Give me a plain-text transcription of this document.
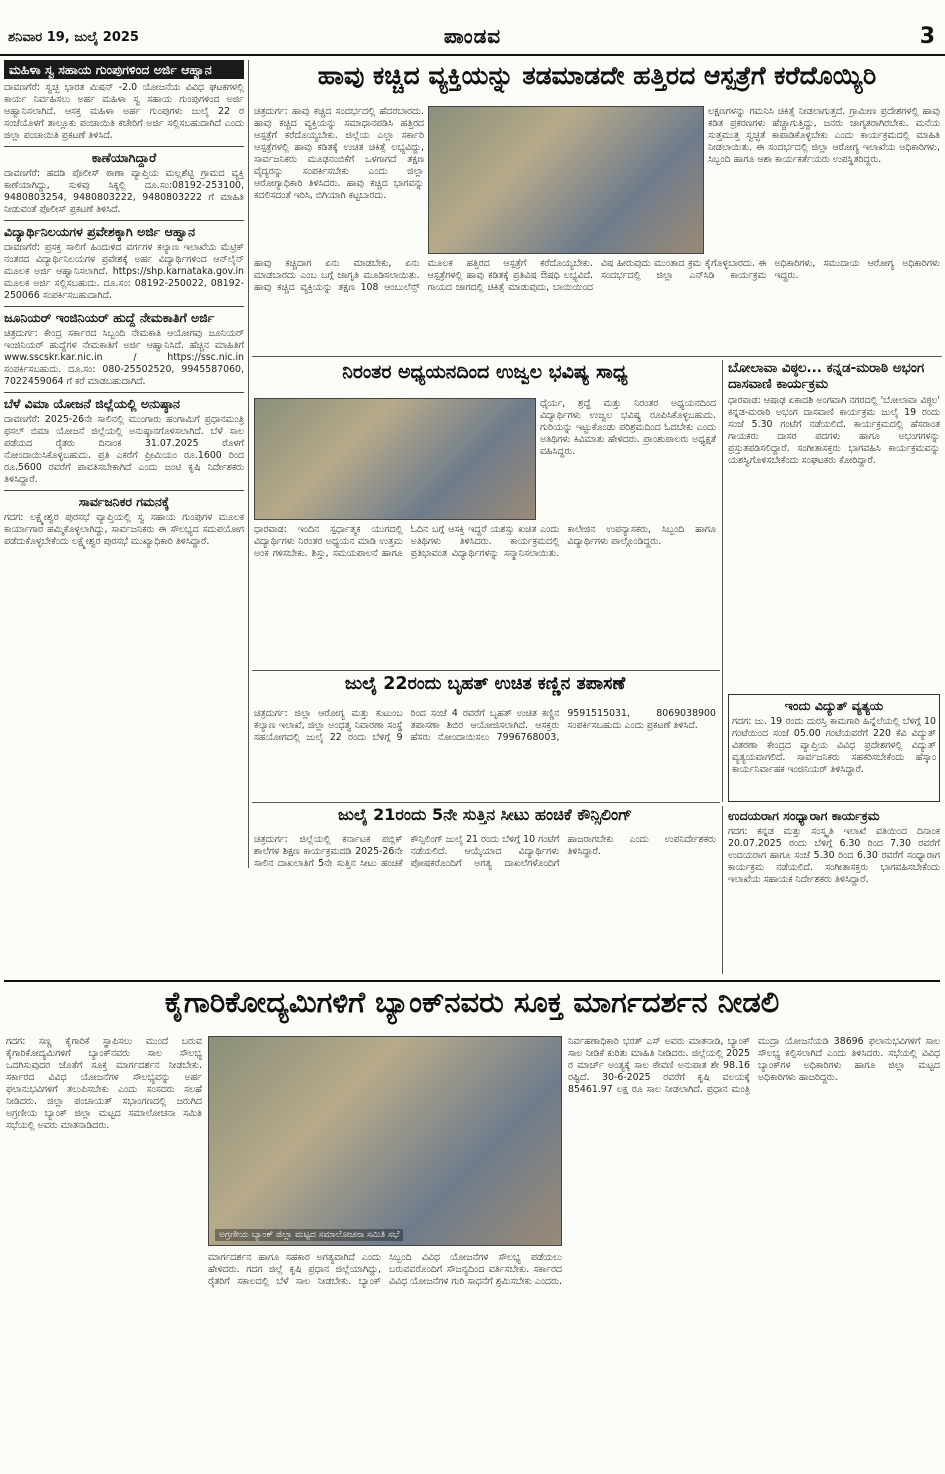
ಶನಿವಾರ 19, ಜುಲೈ 2025	ಪಾಂಡವ	3
ಮಹಿಳಾ ಸ್ವ ಸಹಾಯ ಗುಂಪುಗಳಿಂದ ಅರ್ಜಿ ಆಹ್ವಾನ
ದಾವಣಗೆರೆ: ಸ್ವಚ್ಛ ಭಾರತ ಮಿಷನ್ -2.0 ಯೋಜನೆಯ ವಿವಿಧ ಘಟಕಗಳಲ್ಲಿ ಕಾರ್ಯ ನಿರ್ವಹಿಸಲು ಅರ್ಹ ಮಹಿಳಾ ಸ್ವ ಸಹಾಯ ಗುಂಪುಗಳಿಂದ ಅರ್ಜಿ ಆಹ್ವಾನಿಸಲಾಗಿದೆ. ಆಸಕ್ತ ಮಹಿಳಾ ಅರ್ಹ ಗುಂಪುಗಳು ಜುಲೈ 22 ರ ಸಂಜೆಯೊಳಗೆ ತಾಲ್ಲೂಕು ಪಂಚಾಯಿತಿ ಕಚೇರಿಗೆ ಅರ್ಜಿ ಸಲ್ಲಿಸಬಹುದಾಗಿದೆ ಎಂದು ಜಿಲ್ಲಾ ಪಂಚಾಯಿತಿ ಪ್ರಕಟಣೆ ತಿಳಿಸಿದೆ.
ಕಾಣೆಯಾಗಿದ್ದಾರೆ
ದಾವಣಗೆರೆ: ಹದಡಿ ಪೊಲೀಸ್ ಠಾಣಾ ವ್ಯಾಪ್ತಿಯ ಮಲ್ಲಶೆಟ್ಟಿ ಗ್ರಾಮದ ವ್ಯಕ್ತಿ ಕಾಣೆಯಾಗಿದ್ದು, ಸುಳಿವು ಸಿಕ್ಕಲ್ಲಿ ದೂ.ಸಂ:08192-253100, 9480803254, 9480803222, 9480803222 ಗೆ ಮಾಹಿತಿ ನೀಡುವಂತೆ ಪೊಲೀಸ್ ಪ್ರಕಟಣೆ ತಿಳಿಸಿದೆ.
ವಿದ್ಯಾರ್ಥಿನಿಲಯಗಳ ಪ್ರವೇಶಕ್ಕಾಗಿ ಅರ್ಜಿ ಆಹ್ವಾನ
ದಾವಣಗೆರೆ: ಪ್ರಸಕ್ತ ಸಾಲಿಗೆ ಹಿಂದುಳಿದ ವರ್ಗಗಳ ಕಲ್ಯಾಣ ಇಲಾಖೆಯ ಮೆಟ್ರಿಕ್ ನಂತರದ ವಿದ್ಯಾರ್ಥಿನಿಲಯಗಳ ಪ್ರವೇಶಕ್ಕೆ ಅರ್ಹ ವಿದ್ಯಾರ್ಥಿಗಳಿಂದ ಆನ್‌ಲೈನ್ ಮೂಲಕ ಅರ್ಜಿ ಆಹ್ವಾನಿಸಲಾಗಿದೆ. https://shp.karnataka.gov.in ಮೂಲಕ ಅರ್ಜಿ ಸಲ್ಲಿಸಬಹುದು. ದೂ.ಸಂ: 08192-250022, 08192-250066 ಸಂಪರ್ಕಿಸಬಹುದಾಗಿದೆ.
ಜೂನಿಯರ್ ಇಂಜಿನಿಯರ್ ಹುದ್ದೆ ನೇಮಕಾತಿಗೆ ಅರ್ಜಿ
ಚಿತ್ರದುರ್ಗ: ಕೇಂದ್ರ ಸರ್ಕಾರದ ಸಿಬ್ಬಂದಿ ನೇಮಕಾತಿ ಆಯೋಗವು ಜೂನಿಯರ್ ಇಂಜಿನಿಯರ್ ಹುದ್ದೆಗಳ ನೇಮಕಾತಿಗೆ ಅರ್ಜಿ ಆಹ್ವಾನಿಸಿದೆ. ಹೆಚ್ಚಿನ ಮಾಹಿತಿಗೆ www.sscskr.kar.nic.in / https://ssc.nic.in ಸಂಪರ್ಕಿಸಬಹುದು. ದೂ.ಸಂ: 080-25502520, 9945587060, 7022459064 ಗೆ ಕರೆ ಮಾಡಬಹುದಾಗಿದೆ.
ಬೆಳೆ ವಿಮಾ ಯೋಜನೆ ಜಿಲ್ಲೆಯಲ್ಲಿ ಅನುಷ್ಠಾನ
ದಾವಣಗೆರೆ: 2025-26ನೇ ಸಾಲಿನಲ್ಲಿ ಮುಂಗಾರು ಹಂಗಾಮಿಗೆ ಪ್ರಧಾನಮಂತ್ರಿ ಫಸಲ್ ಬಿಮಾ ಯೋಜನೆ ಜಿಲ್ಲೆಯಲ್ಲಿ ಅನುಷ್ಠಾನಗೊಳಿಸಲಾಗಿದೆ. ಬೆಳೆ ಸಾಲ ಪಡೆಯದ ರೈತರು ದಿನಾಂಕ 31.07.2025 ರೊಳಗೆ ನೋಂದಾಯಿಸಿಕೊಳ್ಳಬಹುದು. ಪ್ರತಿ ಎಕರೆಗೆ ಪ್ರೀಮಿಯಂ ರೂ.1600 ರಿಂದ ರೂ.5600 ರವರೆಗೆ ಪಾವತಿಸಬೇಕಾಗಿದೆ ಎಂದು ಜಂಟಿ ಕೃಷಿ ನಿರ್ದೇಶಕರು ತಿಳಿಸಿದ್ದಾರೆ.
ಸಾರ್ವಜನಿಕರ ಗಮನಕ್ಕೆ
ಗದಗ: ಲಕ್ಷ್ಮೇಶ್ವರ ಪುರಸಭೆ ವ್ಯಾಪ್ತಿಯಲ್ಲಿ ಸ್ವ ಸಹಾಯ ಗುಂಪುಗಳ ಮೂಲಕ ಕಾರ್ಯಾಗಾರ ಹಮ್ಮಿಕೊಳ್ಳಲಾಗಿದ್ದು, ಸಾರ್ವಜನಿಕರು ಈ ಸೌಲಭ್ಯದ ಸದುಪಯೋಗ ಪಡೆದುಕೊಳ್ಳಬೇಕೆಂದು ಲಕ್ಷ್ಮೇಶ್ವರ ಪುರಸಭೆ ಮುಖ್ಯಾಧಿಕಾರಿ ತಿಳಿಸಿದ್ದಾರೆ.
ಹಾವು ಕಚ್ಚಿದ ವ್ಯಕ್ತಿಯನ್ನು ತಡಮಾಡದೇ ಹತ್ತಿರದ ಆಸ್ಪತ್ರೆಗೆ ಕರೆದೊಯ್ಯಿರಿ
ಚಿತ್ರದುರ್ಗ: ಹಾವು ಕಚ್ಚಿದ ಸಂದರ್ಭದಲ್ಲಿ ಹೆದರಬಾರದು. ಹಾವು ಕಚ್ಚಿದ ವ್ಯಕ್ತಿಯನ್ನು ಸಮಾಧಾನಪಡಿಸಿ ಹತ್ತಿರದ ಆಸ್ಪತ್ರೆಗೆ ಕರೆದೊಯ್ಯಬೇಕು. ಜಿಲ್ಲೆಯ ಎಲ್ಲಾ ಸರ್ಕಾರಿ ಆಸ್ಪತ್ರೆಗಳಲ್ಲಿ ಹಾವು ಕಡಿತಕ್ಕೆ ಉಚಿತ ಚಿಕಿತ್ಸೆ ಲಭ್ಯವಿದ್ದು, ಸಾರ್ವಜನಿಕರು ಮೂಢನಂಬಿಕೆಗೆ ಒಳಗಾಗದೆ ತಕ್ಷಣ ವೈದ್ಯರನ್ನು ಸಂಪರ್ಕಿಸಬೇಕು ಎಂದು ಜಿಲ್ಲಾ ಆರೋಗ್ಯಾಧಿಕಾರಿ ತಿಳಿಸಿದರು. ಹಾವು ಕಚ್ಚಿದ ಭಾಗವನ್ನು ಕದಲಿಸದಂತೆ ಇರಿಸಿ, ಬಿಗಿಯಾಗಿ ಕಟ್ಟಬಾರದು.
ಲಕ್ಷಣಗಳನ್ನು ಗಮನಿಸಿ ಚಿಕಿತ್ಸೆ ನೀಡಲಾಗುತ್ತದೆ. ಗ್ರಾಮೀಣ ಪ್ರದೇಶಗಳಲ್ಲಿ ಹಾವು ಕಡಿತ ಪ್ರಕರಣಗಳು ಹೆಚ್ಚಾಗುತ್ತಿದ್ದು, ಜನರು ಜಾಗೃತರಾಗಿರಬೇಕು. ಮನೆಯ ಸುತ್ತಮುತ್ತ ಸ್ವಚ್ಛತೆ ಕಾಪಾಡಿಕೊಳ್ಳಬೇಕು ಎಂದು ಕಾರ್ಯಕ್ರಮದಲ್ಲಿ ಮಾಹಿತಿ ನೀಡಲಾಯಿತು. ಈ ಸಂದರ್ಭದಲ್ಲಿ ಜಿಲ್ಲಾ ಆರೋಗ್ಯ ಇಲಾಖೆಯ ಅಧಿಕಾರಿಗಳು, ಸಿಬ್ಬಂದಿ ಹಾಗೂ ಆಶಾ ಕಾರ್ಯಕರ್ತೆಯರು ಉಪಸ್ಥಿತರಿದ್ದರು.
ಹಾವು ಕಚ್ಚಿದಾಗ ಏನು ಮಾಡಬೇಕು, ಏನು ಮಾಡಬಾರದು ಎಂಬ ಬಗ್ಗೆ ಜಾಗೃತಿ ಮೂಡಿಸಲಾಯಿತು. ಹಾವು ಕಚ್ಚಿದ ವ್ಯಕ್ತಿಯನ್ನು ತಕ್ಷಣ 108 ಆಂಬುಲೆನ್ಸ್ ಮೂಲಕ ಹತ್ತಿರದ ಆಸ್ಪತ್ರೆಗೆ ಕರೆದೊಯ್ಯಬೇಕು. ಆಸ್ಪತ್ರೆಗಳಲ್ಲಿ ಹಾವು ಕಡಿತಕ್ಕೆ ಪ್ರತಿವಿಷ ಔಷಧಿ ಲಭ್ಯವಿದೆ. ಗಾಯದ ಜಾಗದಲ್ಲಿ ಚಿಕಿತ್ಸೆ ಮಾಡುವುದು, ಬಾಯಿಯಿಂದ ವಿಷ ಹೀರುವುದು ಮುಂತಾದ ಕ್ರಮ ಕೈಗೊಳ್ಳಬಾರದು. ಈ ಸಂದರ್ಭದಲ್ಲಿ ಜಿಲ್ಲಾ ಎನ್‌ಸಿಡಿ ಕಾರ್ಯಕ್ರಮ ಅಧಿಕಾರಿಗಳು, ಸಮುದಾಯ ಆರೋಗ್ಯ ಅಧಿಕಾರಿಗಳು ಇದ್ದರು.
ನಿರಂತರ ಅಧ್ಯಯನದಿಂದ ಉಜ್ವಲ ಭವಿಷ್ಯ ಸಾಧ್ಯ
ಧೈರ್ಯ, ಶ್ರದ್ಧೆ ಮತ್ತು ನಿರಂತರ ಅಧ್ಯಯನದಿಂದ ವಿದ್ಯಾರ್ಥಿಗಳು ಉಜ್ವಲ ಭವಿಷ್ಯ ರೂಪಿಸಿಕೊಳ್ಳಬಹುದು. ಗುರಿಯನ್ನು ಇಟ್ಟುಕೊಂಡು ಪರಿಶ್ರಮದಿಂದ ಓದಬೇಕು ಎಂದು ಅತಿಥಿಗಳು ಕಿವಿಮಾತು ಹೇಳಿದರು. ಪ್ರಾಂಶುಪಾಲರು ಅಧ್ಯಕ್ಷತೆ ವಹಿಸಿದ್ದರು.
ಧಾರವಾಡ: ಇಂದಿನ ಸ್ಪರ್ಧಾತ್ಮಕ ಯುಗದಲ್ಲಿ ವಿದ್ಯಾರ್ಥಿಗಳು ನಿರಂತರ ಅಧ್ಯಯನ ಮಾಡಿ ಉತ್ತಮ ಅಂಕ ಗಳಿಸಬೇಕು. ಶಿಸ್ತು, ಸಮಯಪಾಲನೆ ಹಾಗೂ ಓದಿನ ಬಗ್ಗೆ ಆಸಕ್ತಿ ಇದ್ದರೆ ಯಶಸ್ಸು ಖಚಿತ ಎಂದು ಅತಿಥಿಗಳು ತಿಳಿಸಿದರು. ಕಾರ್ಯಕ್ರಮದಲ್ಲಿ ಪ್ರತಿಭಾವಂತ ವಿದ್ಯಾರ್ಥಿಗಳನ್ನು ಸನ್ಮಾನಿಸಲಾಯಿತು. ಕಾಲೇಜಿನ ಉಪನ್ಯಾಸಕರು, ಸಿಬ್ಬಂದಿ ಹಾಗೂ ವಿದ್ಯಾರ್ಥಿಗಳು ಪಾಲ್ಗೊಂಡಿದ್ದರು.
ಬೋಲಾವಾ ವಿಠ್ಠಲ... ಕನ್ನಡ-ಮರಾಠಿ ಅಭಂಗ ದಾಸವಾಣಿ ಕಾರ್ಯಕ್ರಮ
ಧಾರವಾಡ: ಆಷಾಢ ಏಕಾದಶಿ ಅಂಗವಾಗಿ ನಗರದಲ್ಲಿ 'ಬೋಲಾವಾ ವಿಠ್ಠಲ' ಕನ್ನಡ-ಮರಾಠಿ ಅಭಂಗ ದಾಸವಾಣಿ ಕಾರ್ಯಕ್ರಮ ಜುಲೈ 19 ರಂದು ಸಂಜೆ 5.30 ಗಂಟೆಗೆ ನಡೆಯಲಿದೆ. ಕಾರ್ಯಕ್ರಮದಲ್ಲಿ ಹೆಸರಾಂತ ಗಾಯಕರು ದಾಸರ ಪದಗಳು ಹಾಗೂ ಅಭಂಗಗಳನ್ನು ಪ್ರಸ್ತುತಪಡಿಸಲಿದ್ದಾರೆ. ಸಂಗೀತಾಸಕ್ತರು ಭಾಗವಹಿಸಿ ಕಾರ್ಯಕ್ರಮವನ್ನು ಯಶಸ್ವಿಗೊಳಿಸಬೇಕೆಂದು ಸಂಘಟಕರು ಕೋರಿದ್ದಾರೆ.
ಇಂದು ವಿದ್ಯುತ್ ವ್ಯತ್ಯಯ
ಗದಗ: ಜು. 19 ರಂದು ದುರಸ್ತಿ ಕಾಮಗಾರಿ ಹಿನ್ನೆಲೆಯಲ್ಲಿ ಬೆಳಿಗ್ಗೆ 10 ಗಂಟೆಯಿಂದ ಸಂಜೆ 05.00 ಗಂಟೆಯವರೆಗೆ 220 ಕೆವಿ ವಿದ್ಯುತ್ ವಿತರಣಾ ಕೇಂದ್ರದ ವ್ಯಾಪ್ತಿಯ ವಿವಿಧ ಪ್ರದೇಶಗಳಲ್ಲಿ ವಿದ್ಯುತ್ ವ್ಯತ್ಯಯವಾಗಲಿದೆ. ಸಾರ್ವಜನಿಕರು ಸಹಕರಿಸಬೇಕೆಂದು ಹೆಸ್ಕಾಂ ಕಾರ್ಯನಿರ್ವಾಹಕ ಇಂಜಿನಿಯರ್ ತಿಳಿಸಿದ್ದಾರೆ.
ಉದಯರಾಗ ಸಂಧ್ಯಾರಾಗ ಕಾರ್ಯಕ್ರಮ
ಗದಗ: ಕನ್ನಡ ಮತ್ತು ಸಂಸ್ಕೃತಿ ಇಲಾಖೆ ವತಿಯಿಂದ ದಿನಾಂಕ 20.07.2025 ರಂದು ಬೆಳಿಗ್ಗೆ 6.30 ರಿಂದ 7.30 ರವರೆಗೆ ಉದಯರಾಗ ಹಾಗೂ ಸಂಜೆ 5.30 ರಿಂದ 6.30 ರವರೆಗೆ ಸಂಧ್ಯಾರಾಗ ಕಾರ್ಯಕ್ರಮ ನಡೆಯಲಿದೆ. ಸಂಗೀತಾಸಕ್ತರು ಭಾಗವಹಿಸಬೇಕೆಂದು ಇಲಾಖೆಯ ಸಹಾಯಕ ನಿರ್ದೇಶಕರು ತಿಳಿಸಿದ್ದಾರೆ.
ಜುಲೈ 22ರಂದು ಬೃಹತ್ ಉಚಿತ ಕಣ್ಣಿನ ತಪಾಸಣೆ
ಚಿತ್ರದುರ್ಗ: ಜಿಲ್ಲಾ ಆರೋಗ್ಯ ಮತ್ತು ಕುಟುಂಬ ಕಲ್ಯಾಣ ಇಲಾಖೆ, ಜಿಲ್ಲಾ ಅಂಧತ್ವ ನಿವಾರಣಾ ಸಂಸ್ಥೆ ಸಹಯೋಗದಲ್ಲಿ ಜುಲೈ 22 ರಂದು ಬೆಳಿಗ್ಗೆ 9 ರಿಂದ ಸಂಜೆ 4 ರವರೆಗೆ ಬೃಹತ್ ಉಚಿತ ಕಣ್ಣಿನ ತಪಾಸಣಾ ಶಿಬಿರ ಆಯೋಜಿಸಲಾಗಿದೆ. ಆಸಕ್ತರು ಹೆಸರು ನೋಂದಾಯಿಸಲು 7996768003, 9591515031, 8069038900 ಸಂಪರ್ಕಿಸಬಹುದು ಎಂದು ಪ್ರಕಟಣೆ ತಿಳಿಸಿದೆ.
ಜುಲೈ 21ರಂದು 5ನೇ ಸುತ್ತಿನ ಸೀಟು ಹಂಚಿಕೆ ಕೌನ್ಸಿಲಿಂಗ್
ಚಿತ್ರದುರ್ಗ: ಜಿಲ್ಲೆಯಲ್ಲಿ ಕರ್ನಾಟಕ ಪಬ್ಲಿಕ್ ಶಾಲೆಗಳ ಶಿಕ್ಷಣ ಕಾರ್ಯಕ್ರಮದಡಿ 2025-26ನೇ ಸಾಲಿನ ದಾಖಲಾತಿಗೆ 5ನೇ ಸುತ್ತಿನ ಸೀಟು ಹಂಚಿಕೆ ಕೌನ್ಸಿಲಿಂಗ್ ಜುಲೈ 21 ರಂದು ಬೆಳಿಗ್ಗೆ 10 ಗಂಟೆಗೆ ನಡೆಯಲಿದೆ. ಆಯ್ಕೆಯಾದ ವಿದ್ಯಾರ್ಥಿಗಳು ಪೋಷಕರೊಂದಿಗೆ ಅಗತ್ಯ ದಾಖಲೆಗಳೊಂದಿಗೆ ಹಾಜರಾಗಬೇಕು ಎಂದು ಉಪನಿರ್ದೇಶಕರು ತಿಳಿಸಿದ್ದಾರೆ.
ಕೈಗಾರಿಕೋದ್ಯಮಿಗಳಿಗೆ ಬ್ಯಾಂಕ್‌ನವರು ಸೂಕ್ತ ಮಾರ್ಗದರ್ಶನ ನೀಡಲಿ
ಗದಗ: ಸಣ್ಣ ಕೈಗಾರಿಕೆ ಸ್ಥಾಪಿಸಲು ಮುಂದೆ ಬರುವ ಕೈಗಾರಿಕೋದ್ಯಮಿಗಳಿಗೆ ಬ್ಯಾಂಕ್‌ನವರು ಸಾಲ ಸೌಲಭ್ಯ ಒದಗಿಸುವುದರ ಜೊತೆಗೆ ಸೂಕ್ತ ಮಾರ್ಗದರ್ಶನ ನೀಡಬೇಕು. ಸರ್ಕಾರದ ವಿವಿಧ ಯೋಜನೆಗಳ ಸೌಲಭ್ಯವನ್ನು ಅರ್ಹ ಫಲಾನುಭವಿಗಳಿಗೆ ತಲುಪಿಸಬೇಕು ಎಂದು ಸಂಸದರು ಸಲಹೆ ನೀಡಿದರು. ಜಿಲ್ಲಾ ಪಂಚಾಯತ್ ಸಭಾಂಗಣದಲ್ಲಿ ಜರುಗಿದ ಅಗ್ರಣೀಯ ಬ್ಯಾಂಕ್ ಜಿಲ್ಲಾ ಮಟ್ಟದ ಸಮಾಲೋಚನಾ ಸಮಿತಿ ಸಭೆಯಲ್ಲಿ ಅವರು ಮಾತನಾಡಿದರು.
ಅಗ್ರಣೀಯ ಬ್ಯಾಂಕ್ ಜಿಲ್ಲಾ ಮಟ್ಟದ ಸಮಾಲೋಚನಾ ಸಮಿತಿ ಸಭೆ
ಮಾರ್ಗದರ್ಶನ ಹಾಗೂ ಸಹಕಾರ ಅಗತ್ಯವಾಗಿದೆ ಎಂದು ಹೇಳಿದರು. ಗದಗ ಜಿಲ್ಲೆ ಕೃಷಿ ಪ್ರಧಾನ ಜಿಲ್ಲೆಯಾಗಿದ್ದು, ರೈತರಿಗೆ ಸಕಾಲದಲ್ಲಿ ಬೆಳೆ ಸಾಲ ನೀಡಬೇಕು. ಬ್ಯಾಂಕ್ ಸಿಬ್ಬಂದಿ ವಿವಿಧ ಯೋಜನೆಗಳ ಸೌಲಭ್ಯ ಪಡೆಯಲು ಬರುವವರೊಂದಿಗೆ ಸೌಜನ್ಯದಿಂದ ವರ್ತಿಸಬೇಕು. ಸರ್ಕಾರದ ವಿವಿಧ ಯೋಜನೆಗಳ ಗುರಿ ಸಾಧನೆಗೆ ಶ್ರಮಿಸಬೇಕು ಎಂದರು.
ನಿರ್ವಹಣಾಧಿಕಾರಿ ಭರತ್ ಎಸ್ ಅವರು ಮಾತನಾಡಿ, ಬ್ಯಾಂಕ್ ಸಾಲ ನೀಡಿಕೆ ಕುರಿತು ಮಾಹಿತಿ ನೀಡಿದರು. ಜಿಲ್ಲೆಯಲ್ಲಿ 2025 ರ ಮಾರ್ಚ್ ಅಂತ್ಯಕ್ಕೆ ಸಾಲ ಠೇವಣಿ ಅನುಪಾತ ಶೇ 98.16 ರಷ್ಟಿದೆ. 30-6-2025 ರವರೆಗೆ ಕೃಷಿ ವಲಯಕ್ಕೆ 85461.97 ಲಕ್ಷ ರೂ ಸಾಲ ನೀಡಲಾಗಿದೆ. ಪ್ರಧಾನ ಮಂತ್ರಿ ಮುದ್ರಾ ಯೋಜನೆಯಡಿ 38696 ಫಲಾನುಭವಿಗಳಿಗೆ ಸಾಲ ಸೌಲಭ್ಯ ಕಲ್ಪಿಸಲಾಗಿದೆ ಎಂದು ತಿಳಿಸಿದರು. ಸಭೆಯಲ್ಲಿ ವಿವಿಧ ಬ್ಯಾಂಕ್‌ಗಳ ಅಧಿಕಾರಿಗಳು ಹಾಗೂ ಜಿಲ್ಲಾ ಮಟ್ಟದ ಅಧಿಕಾರಿಗಳು ಹಾಜರಿದ್ದರು.
